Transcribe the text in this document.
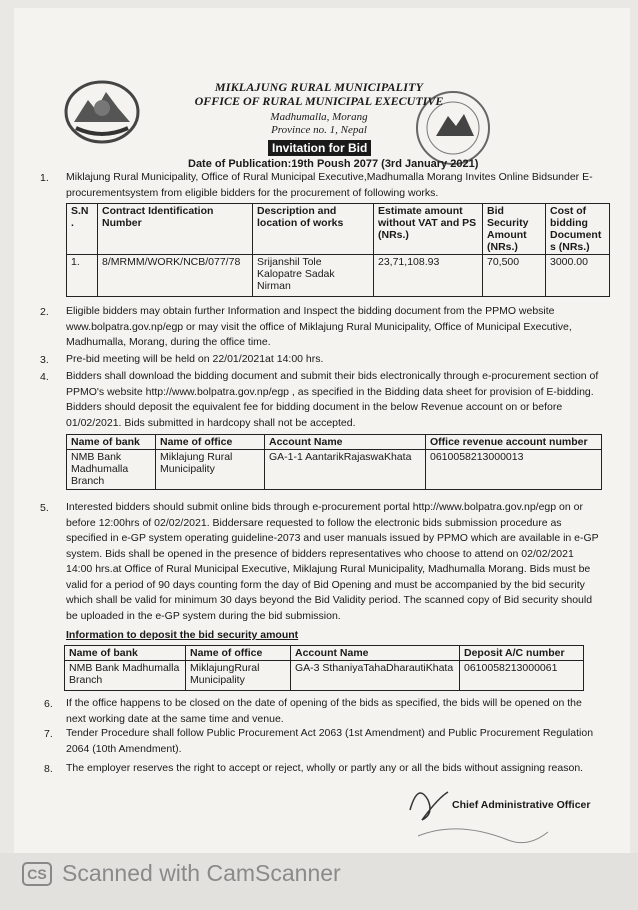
MIKLAJUNG RURAL MUNICIPALITY
OFFICE OF RURAL MUNICIPAL EXECUTIVE
Madhumalla, Morang
Province no. 1, Nepal
Invitation for Bid
Date of Publication:19th Poush 2077 (3rd January 2021)
1. Miklajung Rural Municipality, Office of Rural Municipal Executive,Madhumalla Morang Invites Online Bidsunder E-procurementsystem from eligible bidders for the procurement of following works.
S.N .	Contract Identification Number	Description and location of works	Estimate amount without VAT and PS (NRs.)	Bid Security Amount (NRs.)	Cost of bidding Document s (NRs.)
1.	8/MRMM/WORK/NCB/077/78	Srijanshil Tole Kalopatre Sadak Nirman	23,71,108.93	70,500	3000.00
2. Eligible bidders may obtain further Information and Inspect the bidding document from the PPMO website www.bolpatra.gov.np/egp or may visit the office of Miklajung Rural Municipality, Office of Municipal Executive, Madhumalla, Morang, during the office time.
3. Pre-bid meeting will be held on 22/01/2021at 14:00 hrs.
4. Bidders shall download the bidding document and submit their bids electronically through e-procurement section of PPMO's website http://www.bolpatra.gov.np/egp , as specified in the Bidding data sheet for provision of E-bidding. Bidders should deposit the equivalent fee for bidding document in the below Revenue account on or before 01/02/2021. Bids submitted in hardcopy shall not be accepted.
Name of bank	Name of office	Account Name	Office revenue account number
NMB Bank Madhumalla Branch	Miklajung Rural Municipality	GA-1-1 AantarikRajaswaKhata	0610058213000013
5. Interested bidders should submit online bids through e-procurement portal http://www.bolpatra.gov.np/egp on or before 12:00hrs of 02/02/2021. Biddersare requested to follow the electronic bids submission procedure as specified in e-GP system operating guideline-2073 and user manuals issued by PPMO which are available in e-GP system. Bids shall be opened in the presence of bidders representatives who choose to attend on 02/02/2021 14:00 hrs.at Office of Rural Municipal Executive, Miklajung Rural Municipality, Madhumalla Morang. Bids must be valid for a period of 90 days counting form the day of Bid Opening and must be accompanied by the bid security which shall be valid for minimum 30 days beyond the Bid Validity period. The scanned copy of Bid security should be uploaded in the e-GP system during the bid submission.
Information to deposit the bid security amount
Name of bank	Name of office	Account Name	Deposit A/C number
NMB Bank Madhumalla Branch	MiklajungRural Municipality	GA-3 SthaniyaTahaDharautiKhata	0610058213000061
6. If the office happens to be closed on the date of opening of the bids as specified, the bids will be opened on the next working date at the same time and venue.
7. Tender Procedure shall follow Public Procurement Act 2063 (1st Amendment) and Public Procurement Regulation 2064 (10th Amendment).
8. The employer reserves the right to accept or reject, wholly or partly any or all the bids without assigning reason.
Chief Administrative Officer
CS Scanned with CamScanner
